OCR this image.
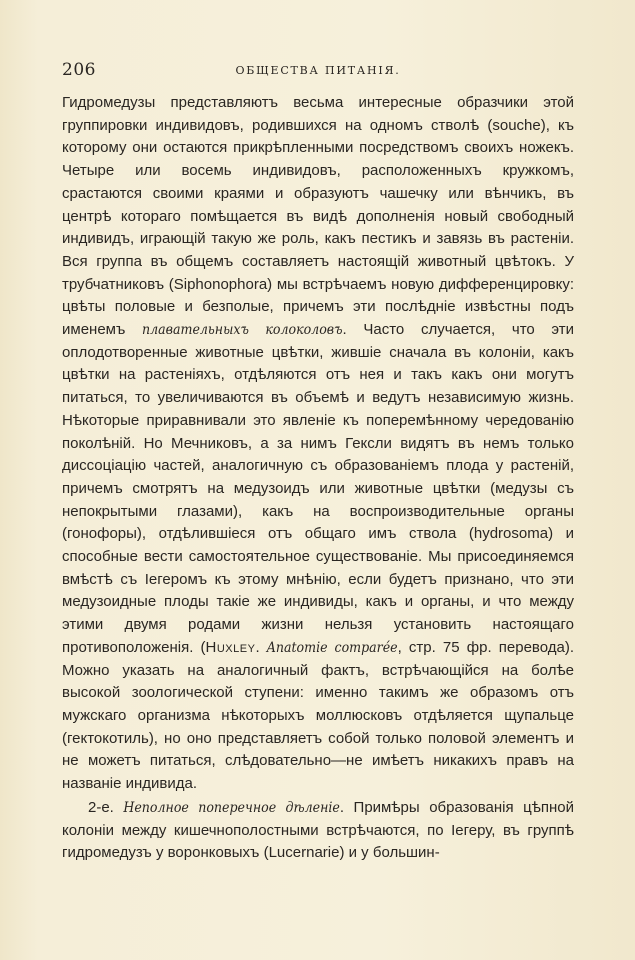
206	ОБЩЕСТВА ПИТАНІЯ.

Гидромедузы представляютъ весьма интересные образчики этой группировки индивидовъ, родившихся на одномъ стволѣ (souche), къ которому они остаются прикрѣпленными посредствомъ своихъ ножекъ. Четыре или восемь индивидовъ, расположенныхъ кружкомъ, срастаются своими краями и образуютъ чашечку или вѣнчикъ, въ центрѣ котораго помѣщается въ видѣ дополненія новый свободный индивидъ, играющій такую же роль, какъ пестикъ и завязь въ растеніи. Вся группа въ общемъ составляетъ настоящій животный цвѣтокъ. У трубчатниковъ (Siphonophora) мы встрѣчаемъ новую дифференцировку: цвѣты половые и безполые, причемъ эти послѣдніе извѣстны подъ именемъ плавательныхъ колоколовъ. Часто случается, что эти оплодотворенные животные цвѣтки, жившіе сначала въ колоніи, какъ цвѣтки на растеніяхъ, отдѣляются отъ нея и такъ какъ они могутъ питаться, то увеличиваются въ объемѣ и ведутъ независимую жизнь. Нѣкоторые приравнивали это явленіе къ поперемѣнному чередованію поколѣній. Но Мечниковъ, а за нимъ Гексли видятъ въ немъ только диссоціацію частей, аналогичную съ образованіемъ плода у растеній, причемъ смотрятъ на медузоидъ или животные цвѣтки (медузы съ непокрытыми глазами), какъ на воспроизводительные органы (гонофоры), отдѣлившіеся отъ общаго имъ ствола (hydrosoma) и способные вести самостоятельное существованіе. Мы присоединяемся вмѣстѣ съ Іегеромъ къ этому мнѣнію, если будетъ признано, что эти медузоидные плоды такіе же индивиды, какъ и органы, и что между этими двумя родами жизни нельзя установить настоящаго противоположенія. (Huxley. Anatomie comparée, стр. 75 фр. перевода). Можно указать на аналогичный фактъ, встрѣчающійся на болѣе высокой зоологической ступени: именно такимъ же образомъ отъ мужскаго организма нѣкоторыхъ моллюсковъ отдѣляется щупальце (гектокотиль), но оно представляетъ собой только половой элементъ и не можетъ питаться, слѣдовательно—не имѣетъ никакихъ правъ на названіе индивида.

2-е. Неполное поперечное дѣленіе. Примѣры образованія цѣпной колоніи между кишечнополостными встрѣчаются, по Іегеру, въ группѣ гидромедузъ у воронковыхъ (Lucernarie) и у большин-
